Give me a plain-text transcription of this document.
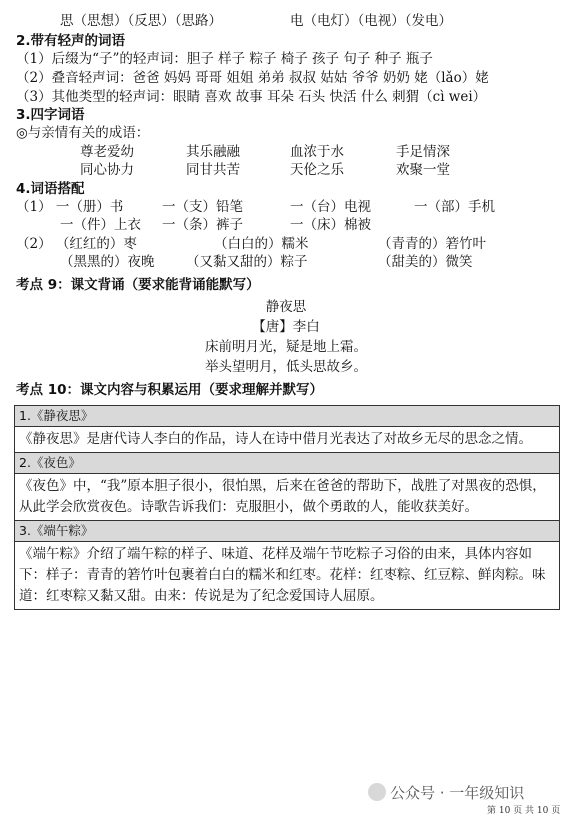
思（思想）（反思）（思路）	电（电灯）（电视）（发电）
2.带有轻声的词语
（1）后缀为“子”的轻声词：胆子 样子 粽子 椅子 孩子 句子 种子 瓶子
（2）叠音轻声词：爸爸 妈妈 哥哥 姐姐 弟弟 叔叔 姑姑 爷爷 奶奶 姥（lǎo）姥
（3）其他类型的轻声词：眼睛 喜欢 故事 耳朵 石头 快活 什么 刺猬（cì wei）
3.四字词语
◎与亲情有关的成语：
尊老爱幼	其乐融融	血浓于水	手足情深
同心协力	同甘共苦	天伦之乐	欢聚一堂
4.词语搭配
（1） 一（册）书	一（支）铅笔	一（台）电视	一（部）手机
一（件）上衣 一（条）裤子	一（床）棉被
（2） （红红的）枣	（白白的）糯米	（青青的）箬竹叶
（黑黑的）夜晚 （又黏又甜的）粽子	（甜美的）微笑
考点 9：课文背诵（要求能背诵能默写）
静夜思
【唐】李白
床前明月光，疑是地上霜。
举头望明月，低头思故乡。
考点 10：课文内容与积累运用（要求理解并默写）
1.《静夜思》
《静夜思》是唐代诗人李白的作品，诗人在诗中借月光表达了对故乡无尽的思念之情。
2.《夜色》
《夜色》中，“我”原本胆子很小，很怕黑，后来在爸爸的帮助下，战胜了对黑夜的恐惧，从此学会欣赏夜色。诗歌告诉我们：克服胆小，做个勇敢的人，能收获美好。
3.《端午粽》
《端午粽》介绍了端午粽的样子、味道、花样及端午节吃粽子习俗的由来，具体内容如下：样子：青青的箬竹叶包裹着白白的糯米和红枣。花样：红枣粽、红豆粽、鲜肉粽。味道：红枣粽又黏又甜。由来：传说是为了纪念爱国诗人屈原。
公众号 · 一年级知识
第 10 页 共 10 页
